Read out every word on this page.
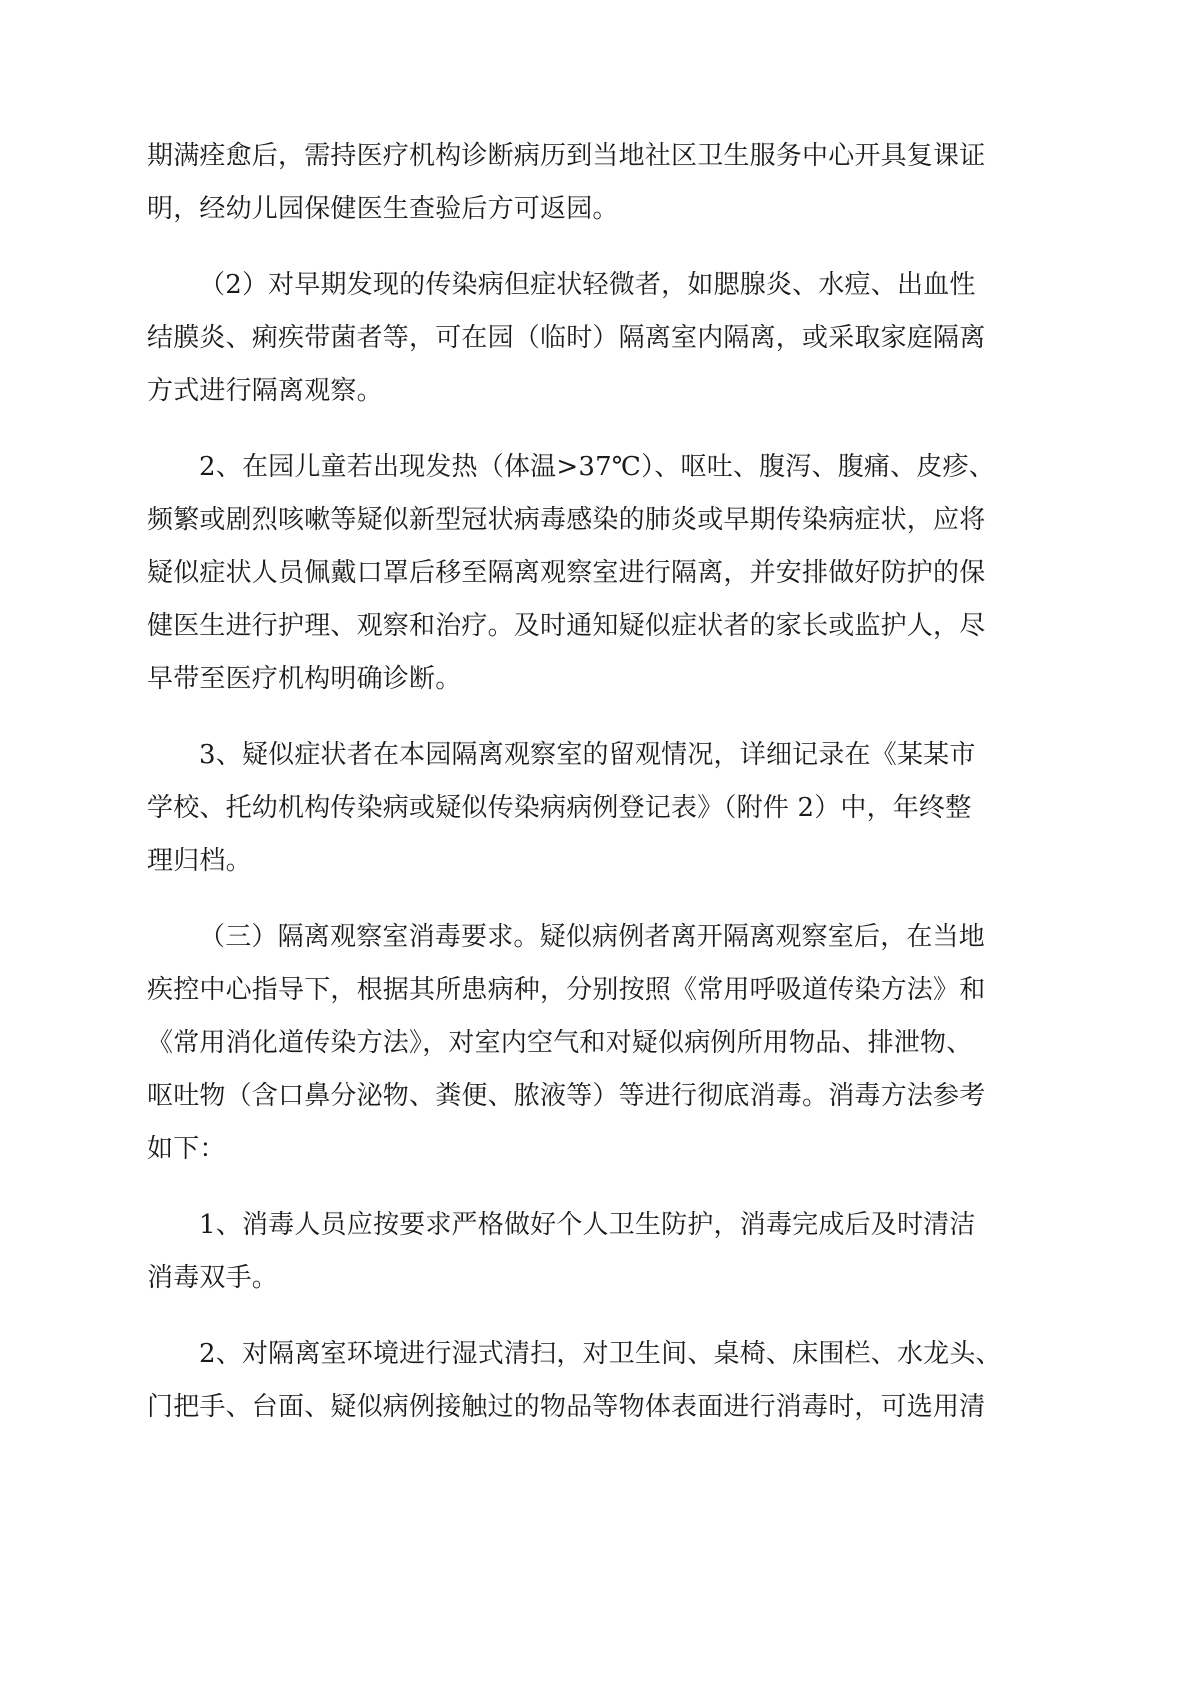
期满痊愈后，需持医疗机构诊断病历到当地社区卫生服务中心开具复课证
明，经幼儿园保健医生查验后方可返园。

（2）对早期发现的传染病但症状轻微者，如腮腺炎、水痘、出血性
结膜炎、痢疾带菌者等，可在园（临时）隔离室内隔离，或采取家庭隔离
方式进行隔离观察。

2、在园儿童若出现发热（体温>37℃）、呕吐、腹泻、腹痛、皮疹、
频繁或剧烈咳嗽等疑似新型冠状病毒感染的肺炎或早期传染病症状，应将
疑似症状人员佩戴口罩后移至隔离观察室进行隔离，并安排做好防护的保
健医生进行护理、观察和治疗。及时通知疑似症状者的家长或监护人，尽
早带至医疗机构明确诊断。

3、疑似症状者在本园隔离观察室的留观情况，详细记录在《某某市
学校、托幼机构传染病或疑似传染病病例登记表》（附件 2）中，年终整
理归档。

（三）隔离观察室消毒要求。疑似病例者离开隔离观察室后，在当地
疾控中心指导下，根据其所患病种，分别按照《常用呼吸道传染方法》和
《常用消化道传染方法》，对室内空气和对疑似病例所用物品、排泄物、
呕吐物（含口鼻分泌物、粪便、脓液等）等进行彻底消毒。消毒方法参考
如下：

1、消毒人员应按要求严格做好个人卫生防护，消毒完成后及时清洁
消毒双手。

2、对隔离室环境进行湿式清扫，对卫生间、桌椅、床围栏、水龙头、
门把手、台面、疑似病例接触过的物品等物体表面进行消毒时，可选用清
